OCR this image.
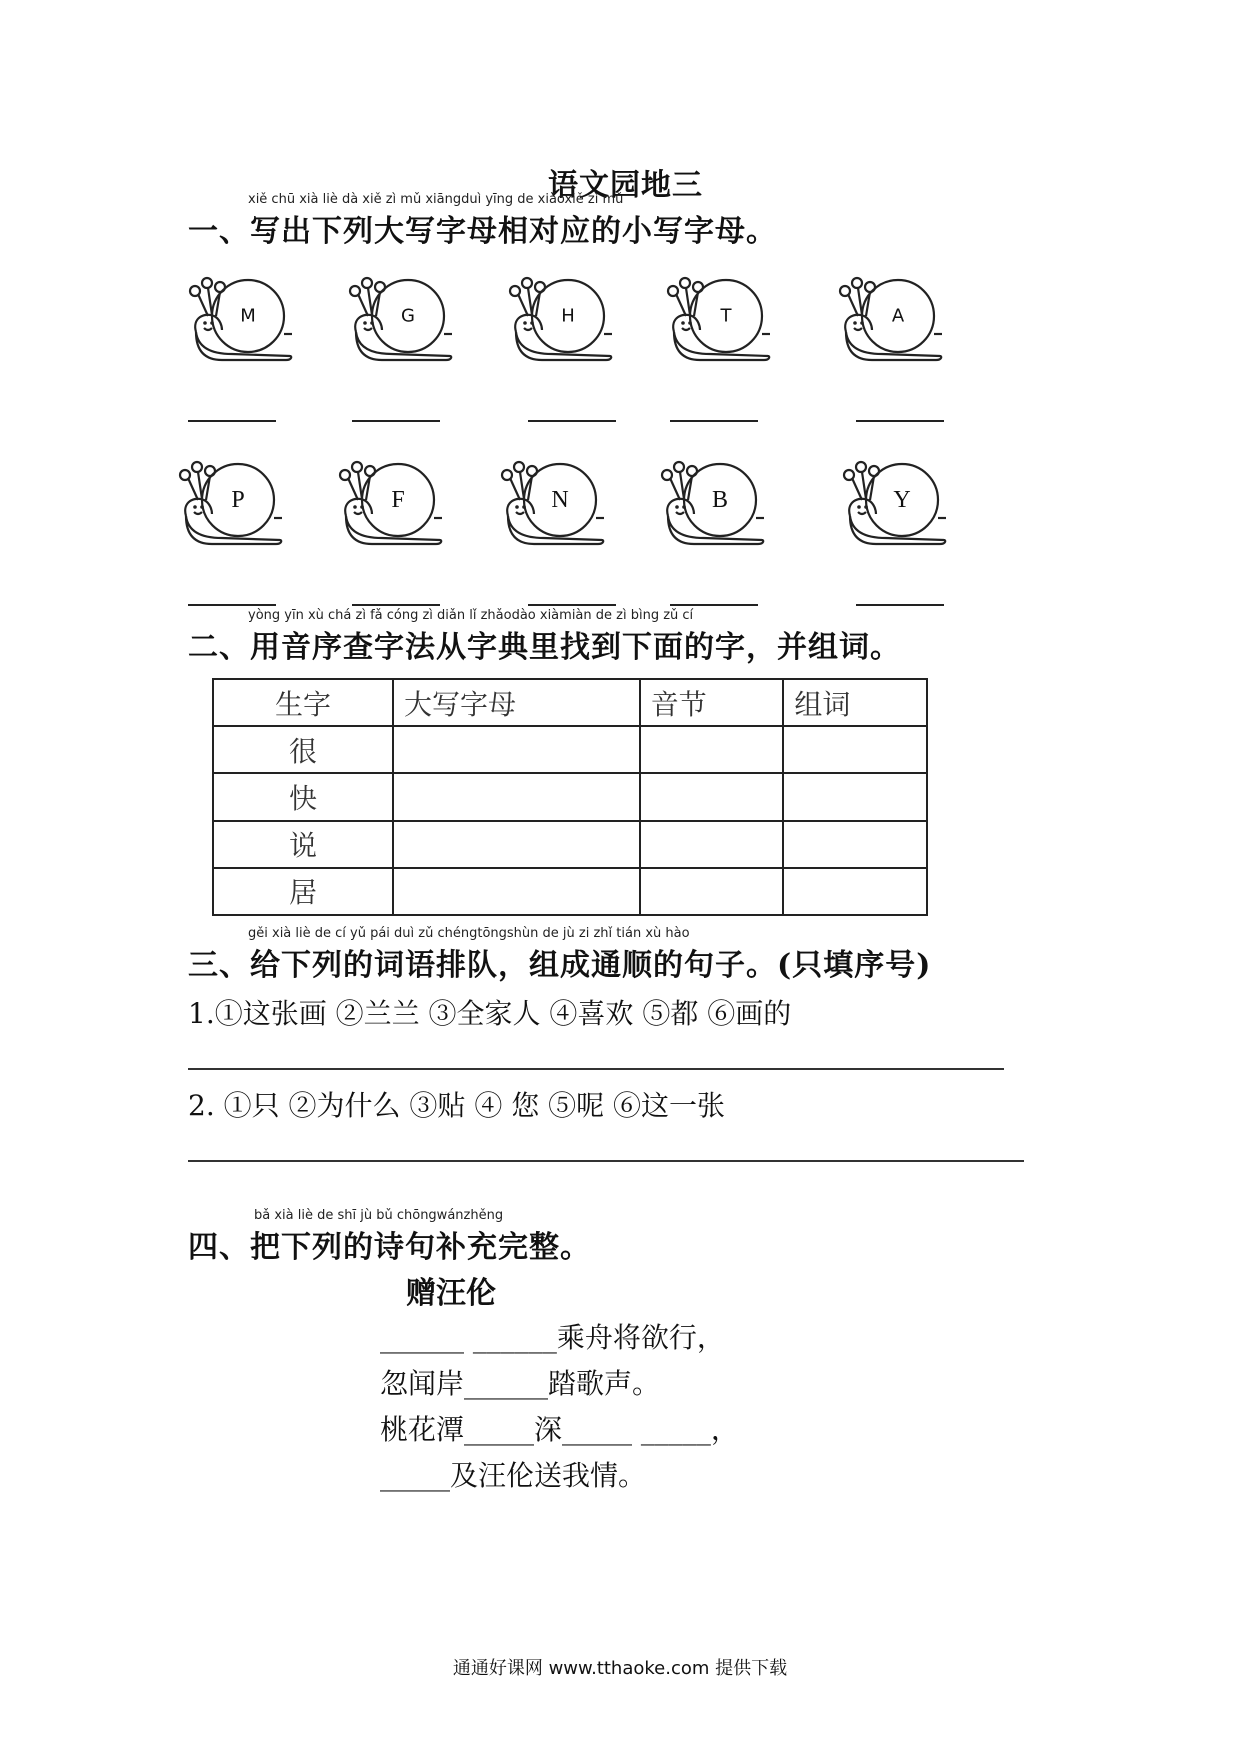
语文园地三
xiě chū xià liè dà xiě zì mǔ xiāngduì yīng de xiǎoxiě zì mǔ
一、写出下列大写字母相对应的小写字母。
M	G	H	T	A
P	F	N	B	Y
yòng yīn xù chá zì fǎ cóng zì diǎn lǐ zhǎodào xiàmiàn de zì bìng zǔ cí
二、用音序查字法从字典里找到下面的字，并组词。
生字	大写字母	音节	组词
很			
快			
说			
居			
gěi xià liè de cí yǔ pái duì zǔ chéngtōngshùn de jù zi zhǐ tián xù hào
三、给下列的词语排队，组成通顺的句子。(只填序号)
1.①这张画 ②兰兰 ③全家人 ④喜欢 ⑤都 ⑥画的
2. ①只 ②为什么 ③贴 ④ 您 ⑤呢 ⑥这一张
bǎ xià liè de shī jù bǔ chōngwánzhěng
四、把下列的诗句补充完整。
赠汪伦
______ ______乘舟将欲行，
忽闻岸______踏歌声。
桃花潭_____深_____ _____，
_____及汪伦送我情。
通通好课网 www.tthaoke.com 提供下载
